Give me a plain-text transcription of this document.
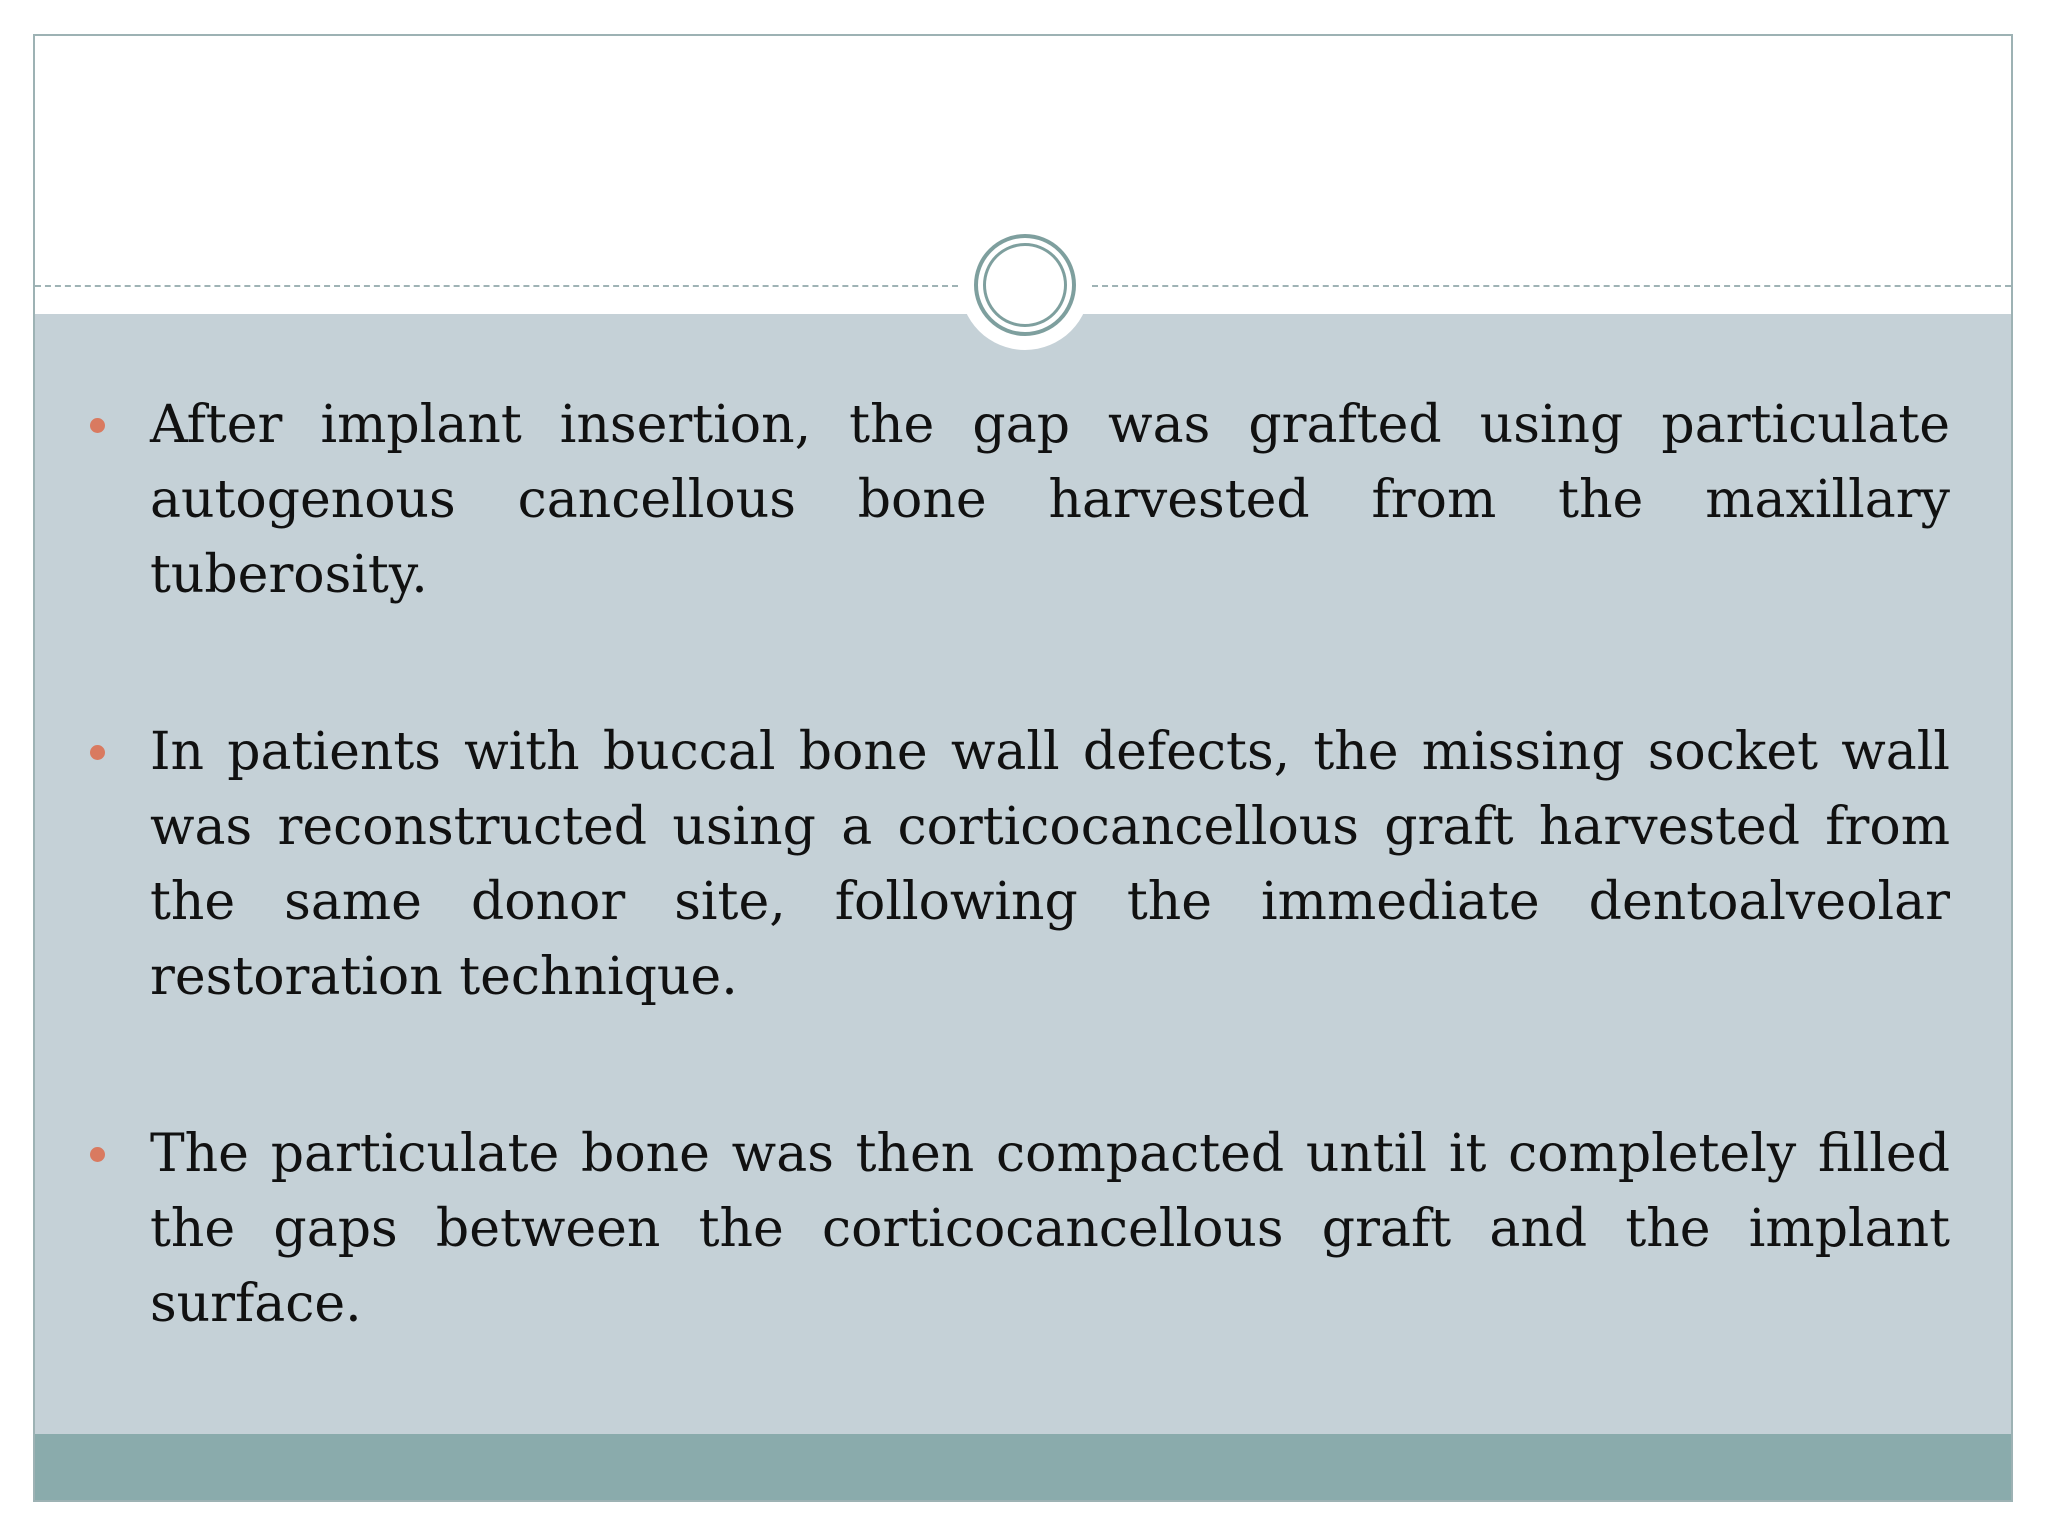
After implant insertion, the gap was grafted using particulate autogenous cancellous bone harvested from the maxillary tuberosity.
In patients with buccal bone wall defects, the missing socket wall was reconstructed using a corticocancellous graft harvested from the same donor site, following the immediate dentoalveolar restoration technique.
The particulate bone was then compacted until it completely filled the gaps between the corticocancellous graft and the implant surface.
